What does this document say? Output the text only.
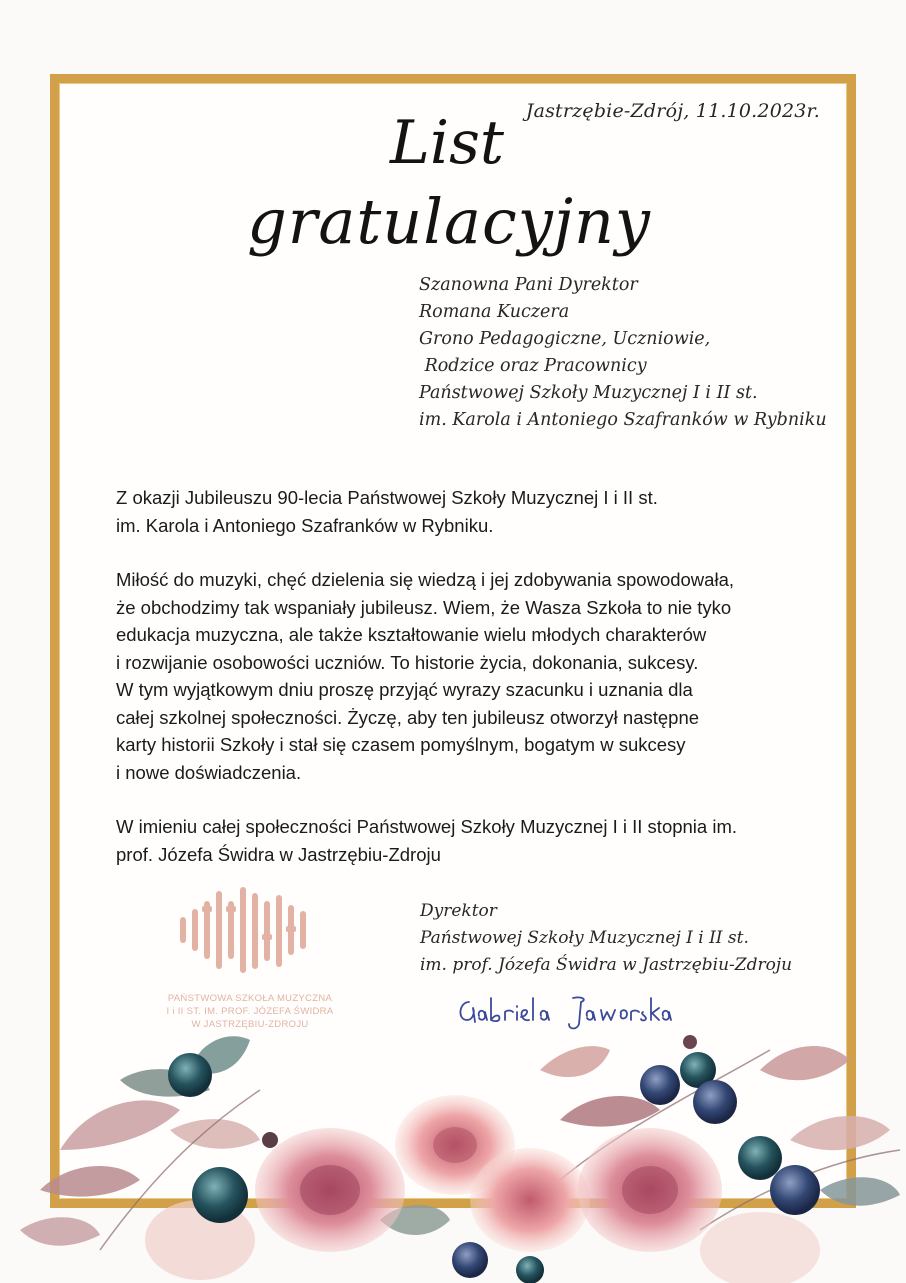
Jastrzębie-Zdrój, 11.10.2023r.
List
gratulacyjny
Szanowna Pani Dyrektor
Romana Kuczera
Grono Pedagogiczne, Uczniowie,
Rodzice oraz Pracownicy
Państwowej Szkoły Muzycznej I i II st.
im. Karola i Antoniego Szafranków w Rybniku

Z okazji Jubileuszu 90-lecia Państwowej Szkoły Muzycznej I i II st.
im. Karola i Antoniego Szafranków w Rybniku.

Miłość do muzyki, chęć dzielenia się wiedzą i jej zdobywania spowodowała,
że obchodzimy tak wspaniały jubileusz. Wiem, że Wasza Szkoła to nie tyko
edukacja muzyczna, ale także kształtowanie wielu młodych charakterów
i rozwijanie osobowości uczniów. To historie życia, dokonania, sukcesy.
W tym wyjątkowym dniu proszę przyjąć wyrazy szacunku i uznania dla
całej szkolnej społeczności. Życzę, aby ten jubileusz otworzył następne
karty historii Szkoły i stał się czasem pomyślnym, bogatym w sukcesy
i nowe doświadczenia.

W imieniu całej społeczności Państwowej Szkoły Muzycznej I i II stopnia im.
prof. Józefa Świdra w Jastrzębiu-Zdroju

PAŃSTWOWA SZKOŁA MUZYCZNA
I i II ST. IM. PROF. JÓZEFA ŚWIDRA
W JASTRZĘBIU-ZDROJU
Dyrektor
Państwowej Szkoły Muzycznej I i II st.
im. prof. Józefa Świdra w Jastrzębiu-Zdroju
